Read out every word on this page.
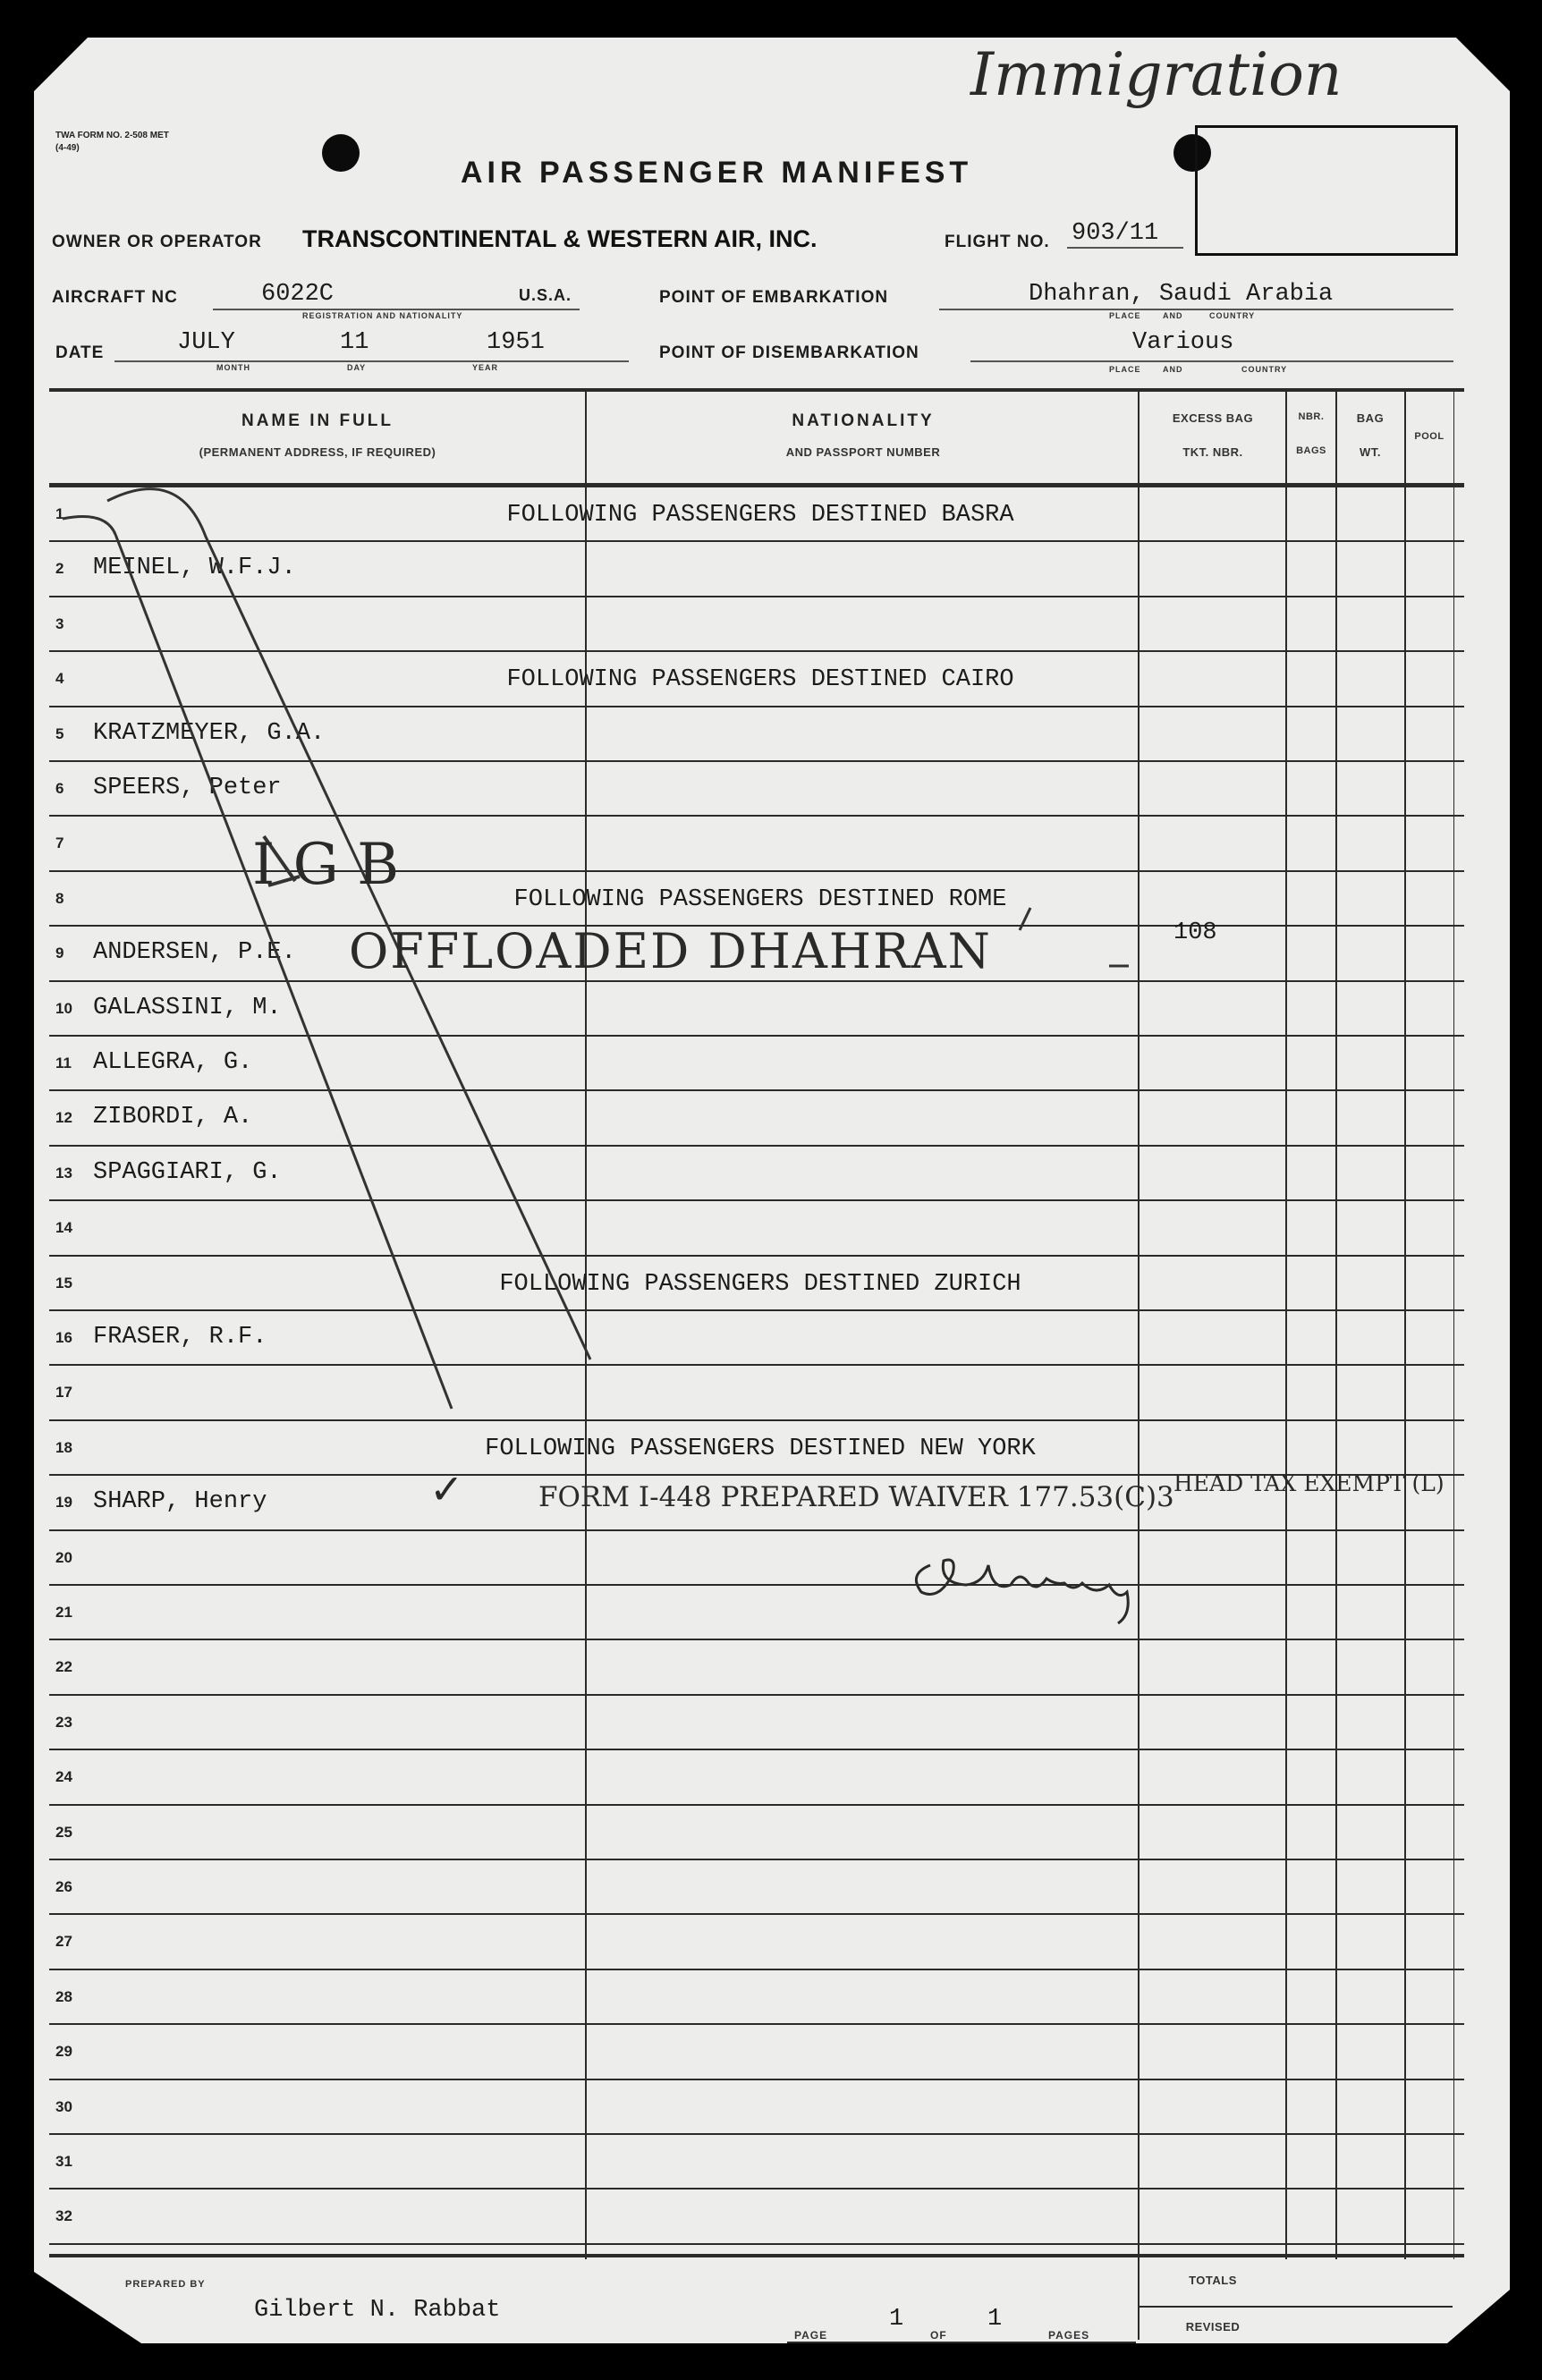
TWA FORM NO. 2-508 MET
(4-49)
Immigration
AIR PASSENGER MANIFEST
OWNER OR OPERATOR TRANSCONTINENTAL & WESTERN AIR, INC.	FLIGHT NO. 903/11
AIRCRAFT NC	6022C	U.S.A.
REGISTRATION AND NATIONALITY
POINT OF EMBARKATION	Dhahran, Saudi Arabia
PLACE	AND	COUNTRY
DATE	JULY	11	1951
MONTH	DAY	YEAR
POINT OF DISEMBARKATION	Various
PLACE	AND	COUNTRY
NAME IN FULL
(PERMANENT ADDRESS, IF REQUIRED)
NATIONALITY
AND PASSPORT NUMBER
EXCESS BAG
TKT. NBR.
NBR.
BAGS
BAG
WT.
POOL
1	FOLLOWING PASSENGERS DESTINED BASRA
2 MEINEL, W.F.J.
3
4	FOLLOWING PASSENGERS DESTINED CAIRO
5 KRATZMEYER, G.A.
6 SPEERS, Peter
7
8	FOLLOWING PASSENGERS DESTINED ROME
9 ANDERSEN, P.E.
10 GALASSINI, M.
11 ALLEGRA, G.
12 ZIBORDI, A.
13 SPAGGIARI, G.
14
15	FOLLOWING PASSENGERS DESTINED ZURICH
16 FRASER, R.F.
17
18	FOLLOWING PASSENGERS DESTINED NEW YORK
19 SHARP, Henry
20
21
22
23
24
25
26
27
28
29
30
31
32
I G B
OFFLOADED DHAHRAN	108
✓	FORM I-448 PREPARED WAIVER 177.53(C)3 HEAD TAX EXEMPT (L)
PREPARED BY
Gilbert N. Rabbat
PAGE
1
OF
1
PAGES
TOTALS
REVISED
